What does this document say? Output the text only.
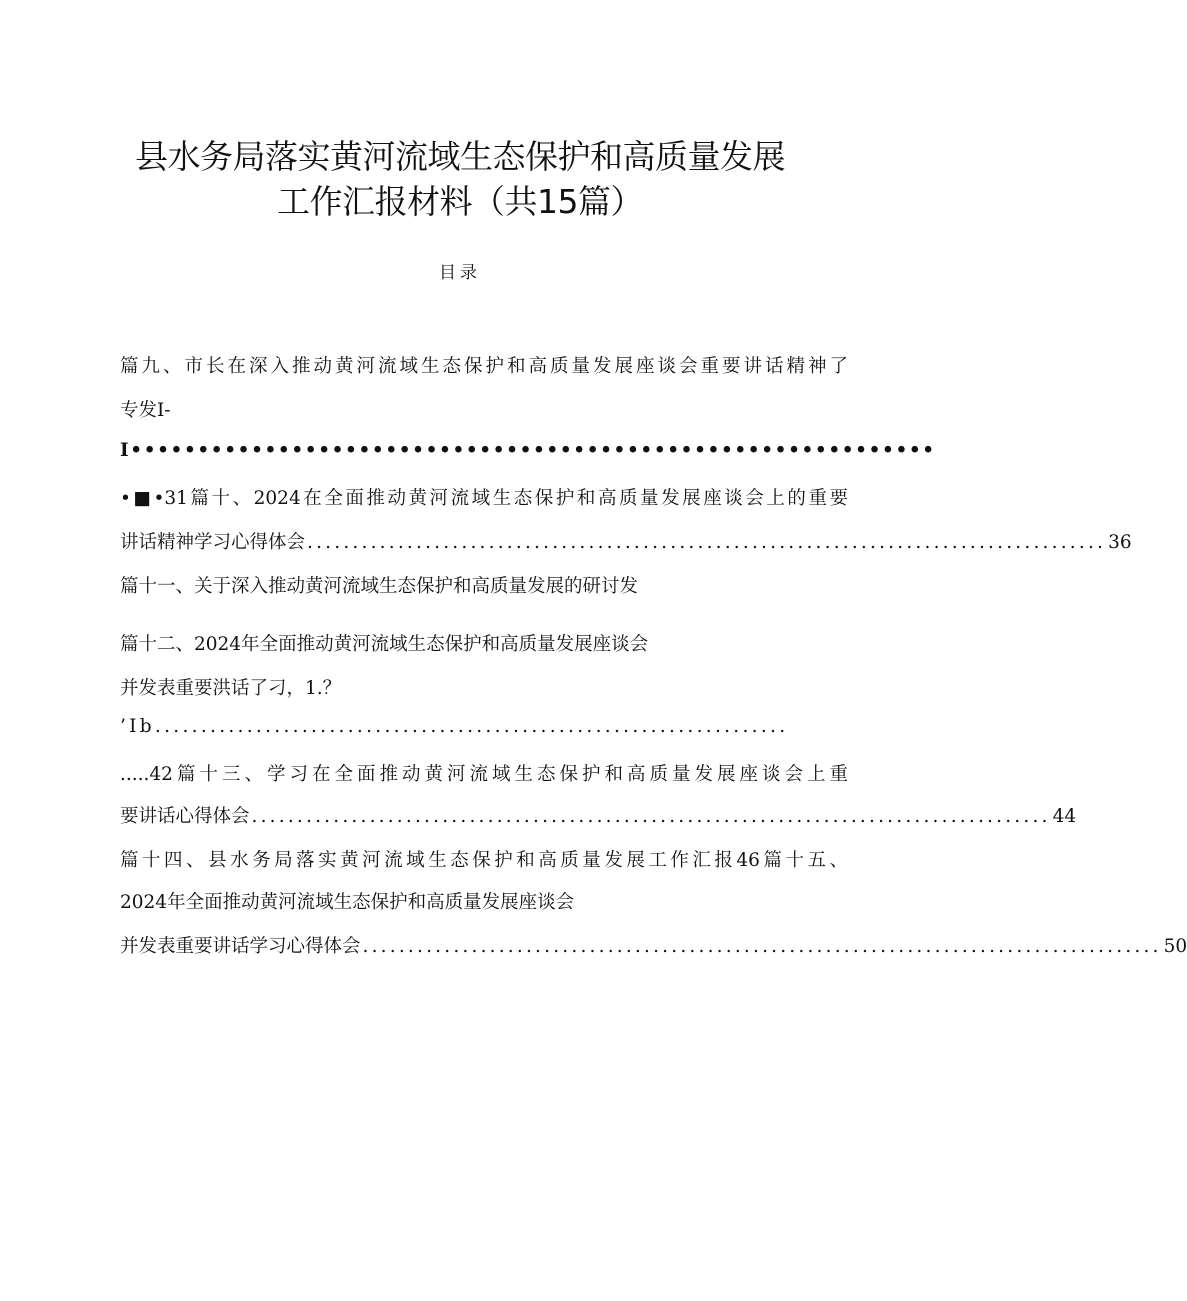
县水务局落实黄河流域生态保护和高质量发展
工作汇报材料（共15篇）
目录
篇九、市长在深入推动黄河流域生态保护和高质量发展座谈会重要讲话精神了
专发I-
I••••••••••••••••••••••••••••••••••••••••••••••••••••••••••••
•■•31篇十、2024在全面推动黄河流域生态保护和高质量发展座谈会上的重要
讲话精神学习心得体会 ........................................................................................ 36
篇十一、关于深入推动黄河流域生态保护和高质量发展的研讨发
篇十二、2024年全面推动黄河流域生态保护和高质量发展座谈会
并发表重要洪话了刁，1.？
’Ib.....................................................................
.....42篇十三、学习在全面推动黄河流域生态保护和高质量发展座谈会上重
要讲话心得体会 ........................................................................................ 44
篇十四、县水务局落实黄河流域生态保护和高质量发展工作汇报46篇十五、
2024年全面推动黄河流域生态保护和高质量发展座谈会
并发表重要讲话学习心得体会 ........................................................................................ 50
